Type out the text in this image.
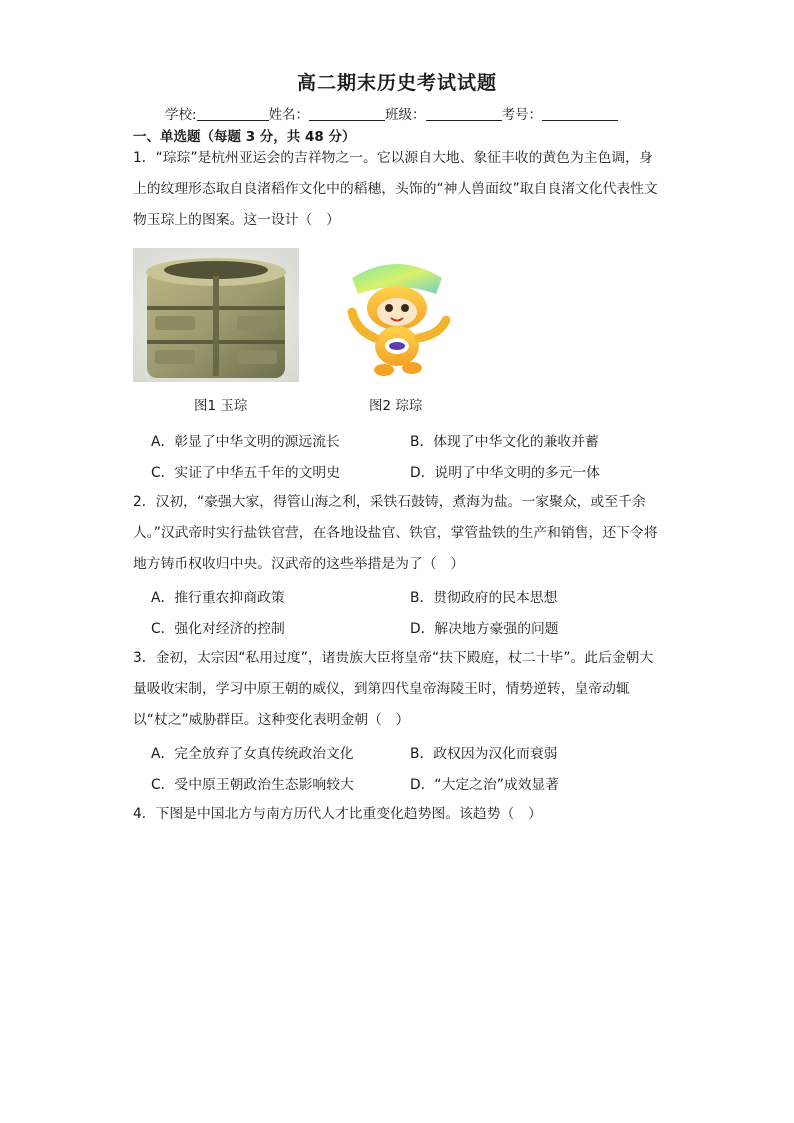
高二期末历史考试试题
学校:	姓名：	班级：	考号：
一、单选题（每题 3 分，共 48 分）
1．“琮琮”是杭州亚运会的吉祥物之一。它以源自大地、象征丰收的黄色为主色调，身上的纹理形态取自良渚稻作文化中的稻穗，头饰的“神人兽面纹”取自良渚文化代表性文物玉琮上的图案。这一设计（　）
图1 玉琮	图2 琮琮
A．彰显了中华文明的源远流长	B．体现了中华文化的兼收并蓄
C．实证了中华五千年的文明史	D．说明了中华文明的多元一体
2．汉初，“豪强大家，得管山海之利，采铁石鼓铸，煮海为盐。一家聚众，或至千余人。”汉武帝时实行盐铁官营，在各地设盐官、铁官，掌管盐铁的生产和销售，还下令将地方铸币权收归中央。汉武帝的这些举措是为了（　）
A．推行重农抑商政策	B．贯彻政府的民本思想
C．强化对经济的控制	D．解决地方豪强的问题
3．金初，太宗因“私用过度”，诸贵族大臣将皇帝“扶下殿庭，杖二十毕”。此后金朝大量吸收宋制，学习中原王朝的威仪，到第四代皇帝海陵王时，情势逆转，皇帝动辄以“杖之”威胁群臣。这种变化表明金朝（　）
A．完全放弃了女真传统政治文化	B．政权因为汉化而衰弱
C．受中原王朝政治生态影响较大	D．“大定之治”成效显著
4．下图是中国北方与南方历代人才比重变化趋势图。该趋势（　）
